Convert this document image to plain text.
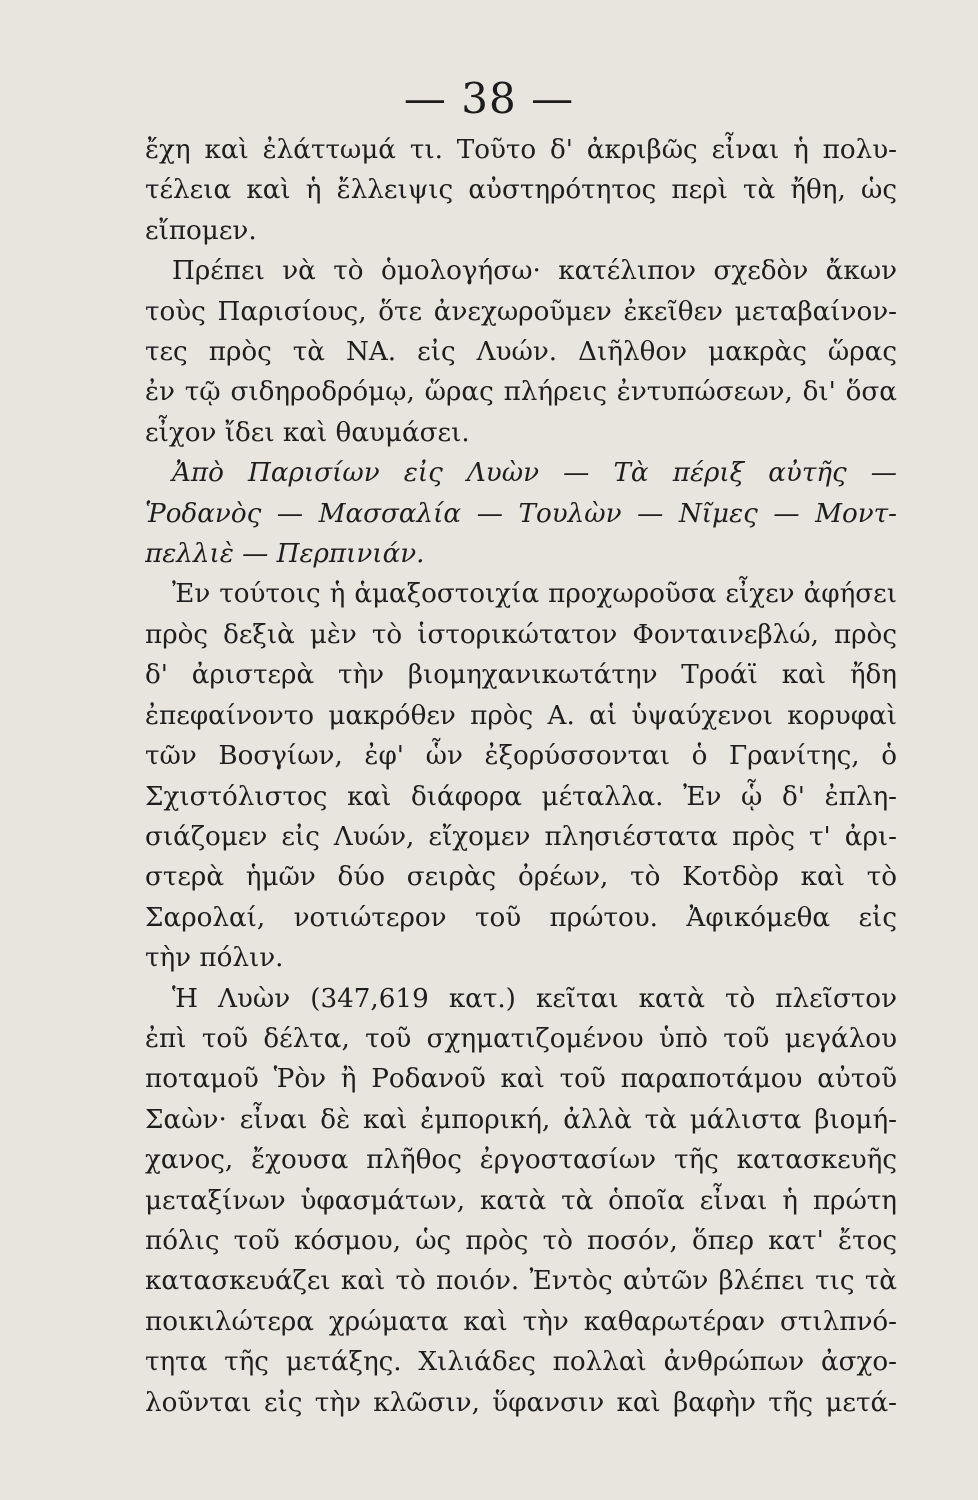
— 38 —
ἔχη καὶ ἐλάττωμά τι. Τοῦτο δ' ἀκριβῶς εἶναι ἡ πολυ-
τέλεια καὶ ἡ ἔλλειψις αὐστηρότητος περὶ τὰ ἤθη, ὡς
εἴπομεν.
Πρέπει νὰ τὸ ὁμολογήσω· κατέλιπον σχεδὸν ἄκων
τοὺς Παρισίους, ὅτε ἀνεχωροῦμεν ἐκεῖθεν μεταβαίνον-
τες πρὸς τὰ ΝΑ. εἰς Λυών. Διῆλθον μακρὰς ὥρας
ἐν τῷ σιδηροδρόμῳ, ὥρας πλήρεις ἐντυπώσεων, δι' ὅσα
εἶχον ἴδει καὶ θαυμάσει.
Ἀπὸ Παρισίων εἰς Λυὼν — Τὰ πέριξ αὐτῆς —
Ῥοδανὸς — Μασσαλία — Τουλὼν — Νῖμες — Μοντ-
πελλιὲ — Περπινιάν.
Ἐν τούτοις ἡ ἁμαξοστοιχία προχωροῦσα εἶχεν ἀφήσει
πρὸς δεξιὰ μὲν τὸ ἱστορικώτατον Φονταινεβλώ, πρὸς
δ' ἀριστερὰ τὴν βιομηχανικωτάτην Τροάϊ καὶ ἤδη
ἐπεφαίνοντο μακρόθεν πρὸς Α. αἱ ὑψαύχενοι κορυφαὶ
τῶν Βοσγίων, ἐφ' ὧν ἐξορύσσονται ὁ Γρανίτης, ὁ
Σχιστόλιστος καὶ διάφορα μέταλλα. Ἐν ᾧ δ' ἐπλη-
σιάζομεν εἰς Λυών, εἴχομεν πλησιέστατα πρὸς τ' ἀρι-
στερὰ ἡμῶν δύο σειρὰς ὀρέων, τὸ Κοτδὸρ καὶ τὸ
Σαρολαί, νοτιώτερον τοῦ πρώτου. Ἀφικόμεθα εἰς
τὴν πόλιν.
Ἡ Λυὼν (347,619 κατ.) κεῖται κατὰ τὸ πλεῖστον
ἐπὶ τοῦ δέλτα, τοῦ σχηματιζομένου ὑπὸ τοῦ μεγάλου
ποταμοῦ Ῥὸν ἢ Ροδανοῦ καὶ τοῦ παραποτάμου αὐτοῦ
Σαὼν· εἶναι δὲ καὶ ἐμπορική, ἀλλὰ τὰ μάλιστα βιομή-
χανος, ἔχουσα πλῆθος ἐργοστασίων τῆς κατασκευῆς
μεταξίνων ὑφασμάτων, κατὰ τὰ ὁποῖα εἶναι ἡ πρώτη
πόλις τοῦ κόσμου, ὡς πρὸς τὸ ποσόν, ὅπερ κατ' ἔτος
κατασκευάζει καὶ τὸ ποιόν. Ἐντὸς αὐτῶν βλέπει τις τὰ
ποικιλώτερα χρώματα καὶ τὴν καθαρωτέραν στιλπνό-
τητα τῆς μετάξης. Χιλιάδες πολλαὶ ἀνθρώπων ἀσχο-
λοῦνται εἰς τὴν κλῶσιν, ὕφανσιν καὶ βαφὴν τῆς μετά-
